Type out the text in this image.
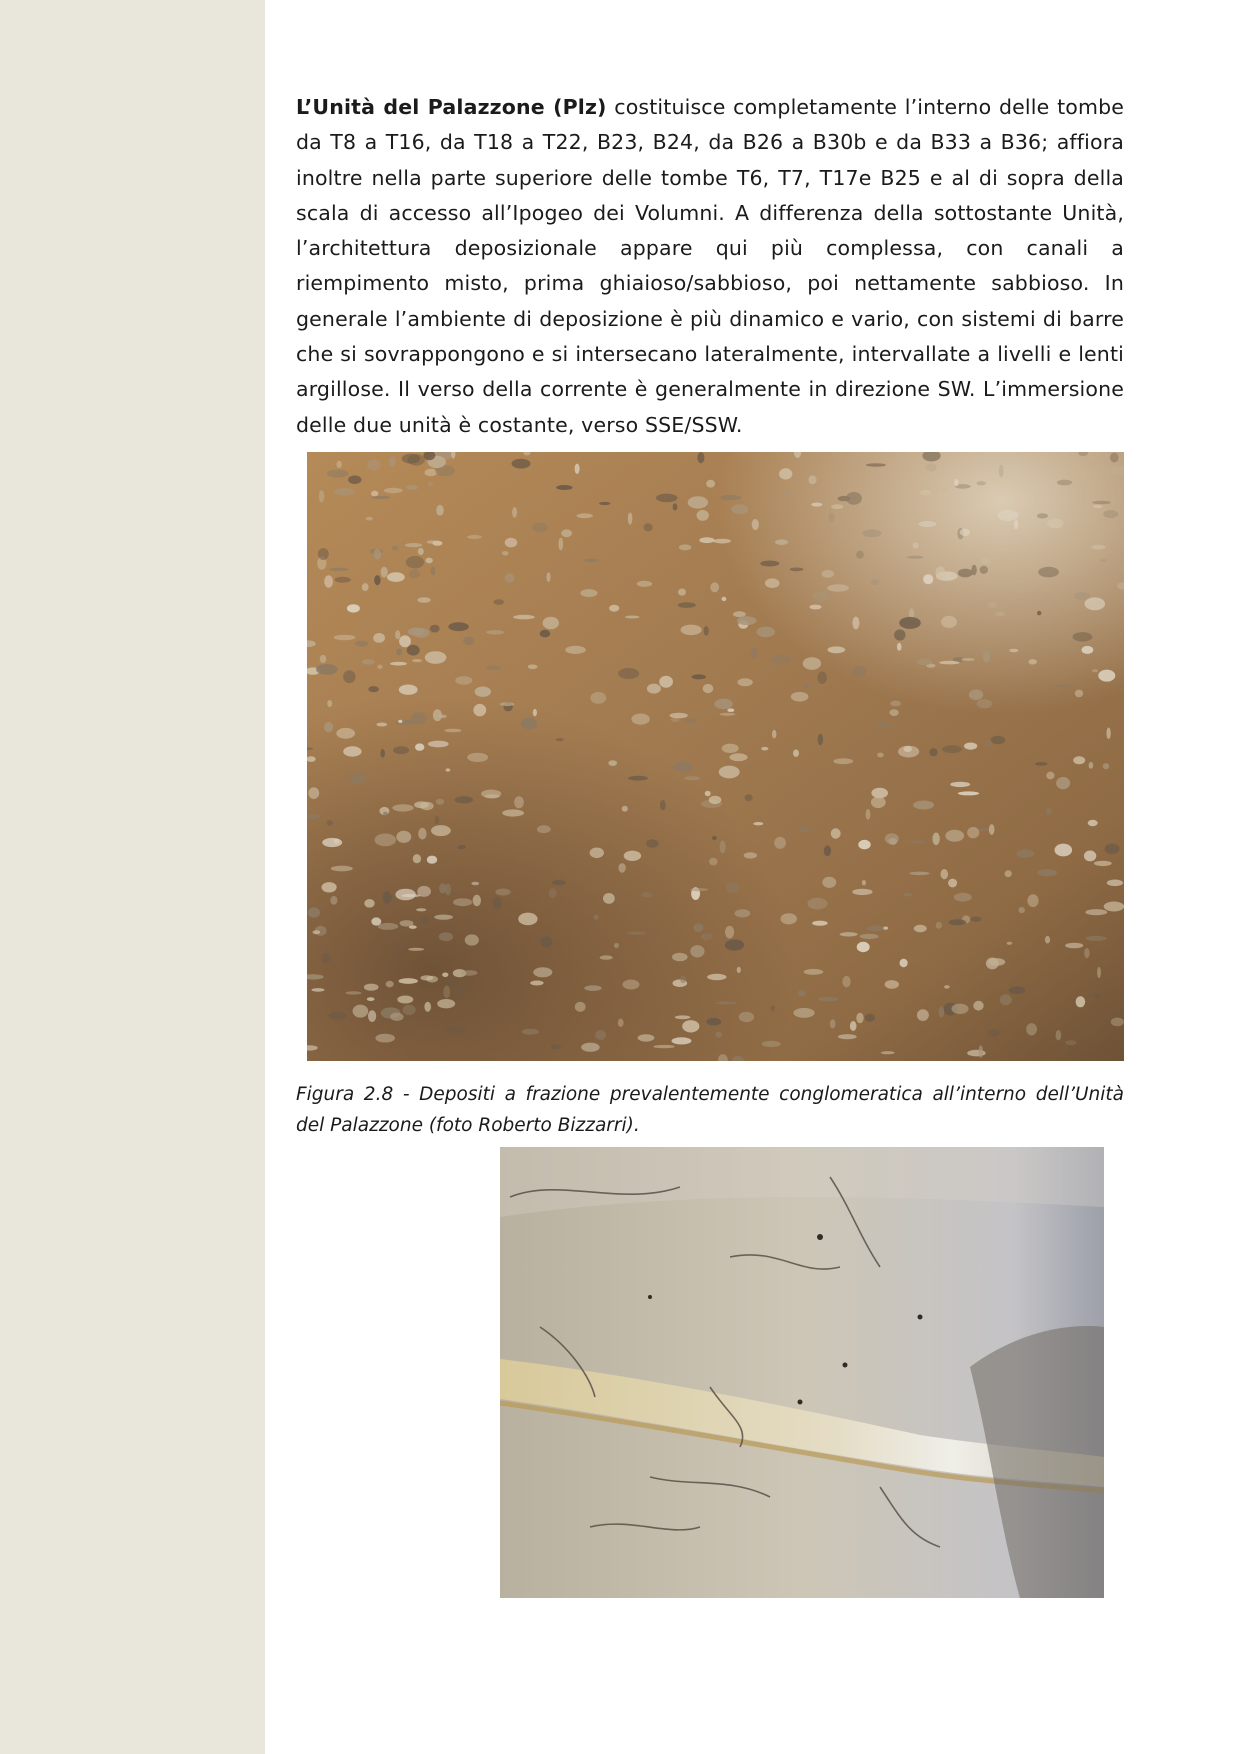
L’Unità del Palazzone (Plz) costituisce completamente l’interno delle tombe da T8 a T16, da T18 a T22, B23, B24, da B26 a B30b e da B33 a B36; affiora inoltre nella parte superiore delle tombe T6, T7, T17e B25 e al di sopra della scala di accesso all’Ipogeo dei Volumni. A differenza della sottostante Unità, l’architettura deposizionale appare qui più complessa, con canali a riempimento misto, prima ghiaioso/sabbioso, poi nettamente sabbioso. In generale l’ambiente di deposizione è più dinamico e vario, con sistemi di barre che si sovrappongono e si intersecano lateralmente, intervallate a livelli e lenti argillose. Il verso della corrente è generalmente in direzione SW. L’immersione delle due unità è costante, verso SSE/SSW.

Figura 2.8 - Depositi a frazione prevalentemente conglomeratica all’interno dell’Unità del Palazzone (foto Roberto Bizzarri).
